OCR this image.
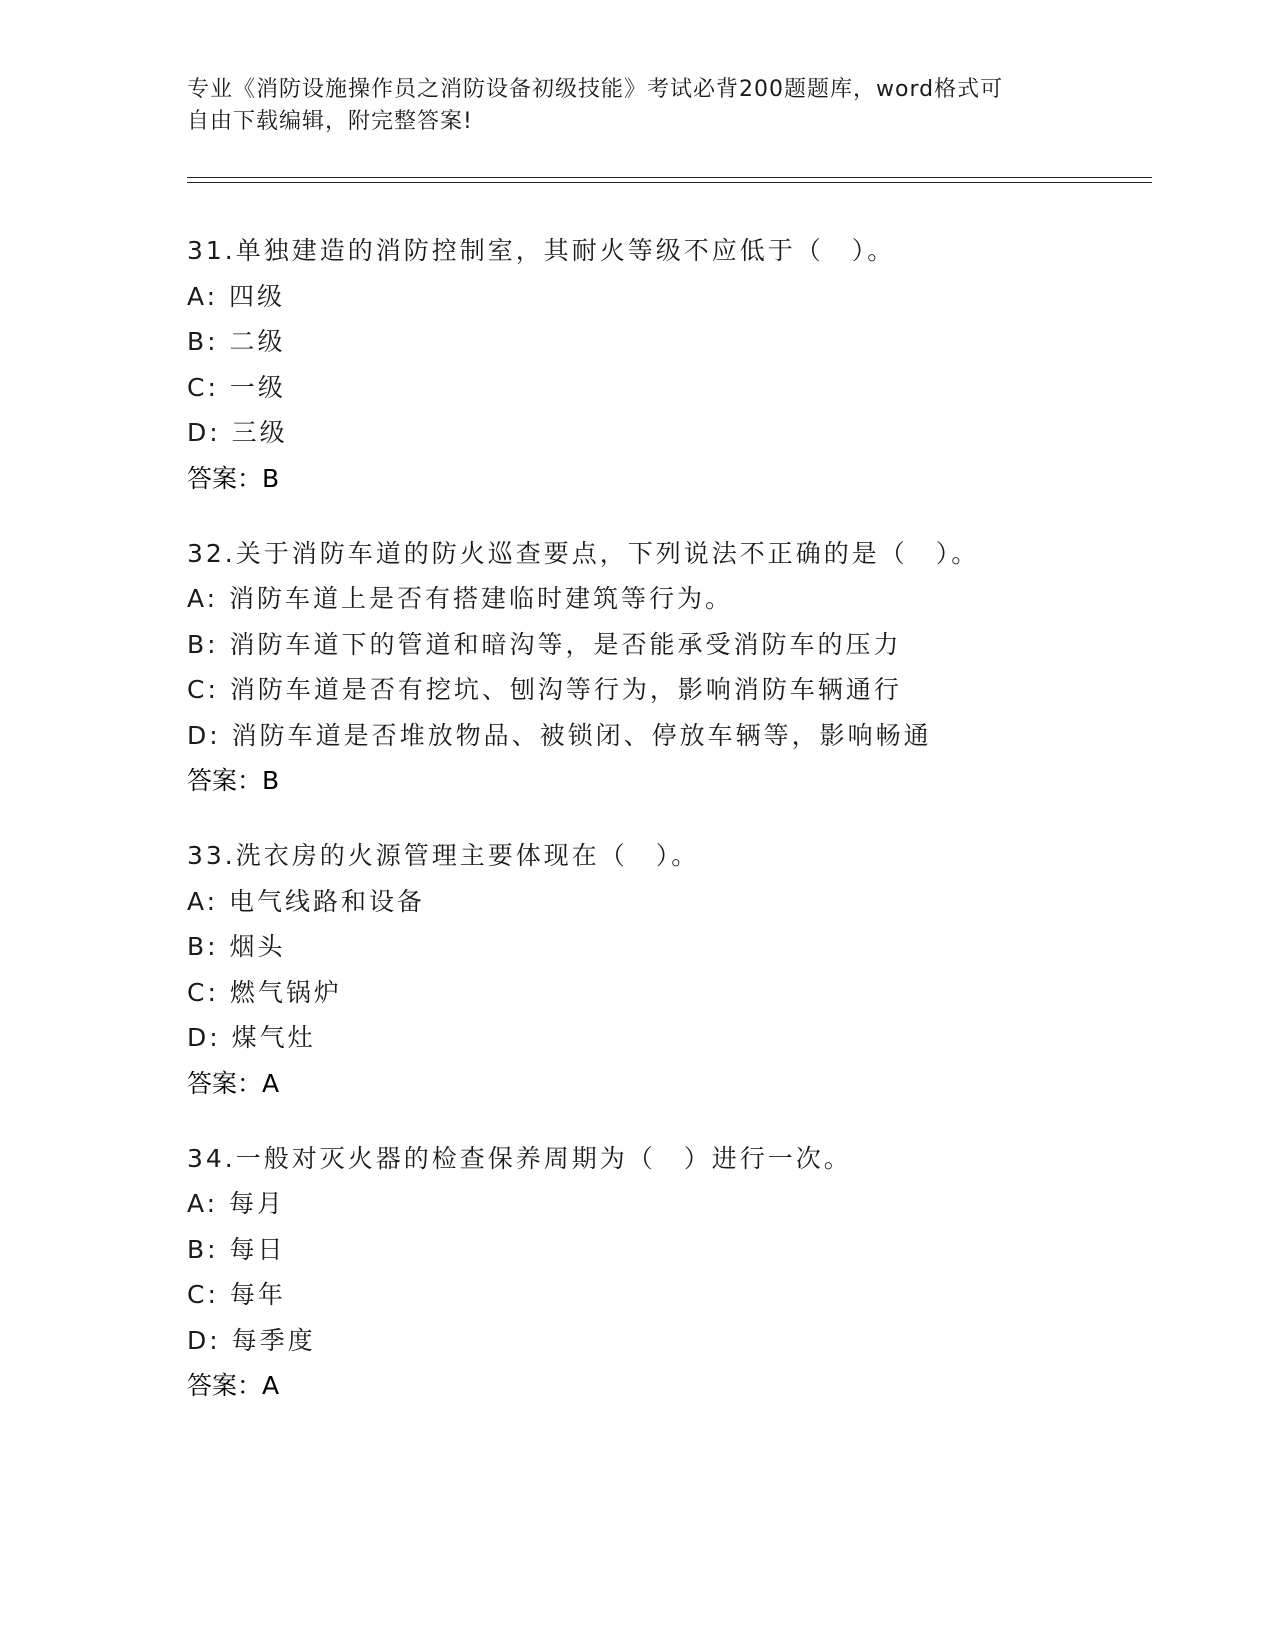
专业《消防设施操作员之消防设备初级技能》考试必背200题题库，word格式可
自由下载编辑，附完整答案!
31.单独建造的消防控制室，其耐火等级不应低于（　）。
A: 四级
B: 二级
C: 一级
D: 三级
答案：B
32.关于消防车道的防火巡查要点，下列说法不正确的是（　）。
A: 消防车道上是否有搭建临时建筑等行为。
B: 消防车道下的管道和暗沟等，是否能承受消防车的压力
C: 消防车道是否有挖坑、刨沟等行为，影响消防车辆通行
D: 消防车道是否堆放物品、被锁闭、停放车辆等，影响畅通
答案：B
33.洗衣房的火源管理主要体现在（　）。
A: 电气线路和设备
B: 烟头
C: 燃气锅炉
D: 煤气灶
答案：A
34.一般对灭火器的检查保养周期为（　）进行一次。
A: 每月
B: 每日
C: 每年
D: 每季度
答案：A
